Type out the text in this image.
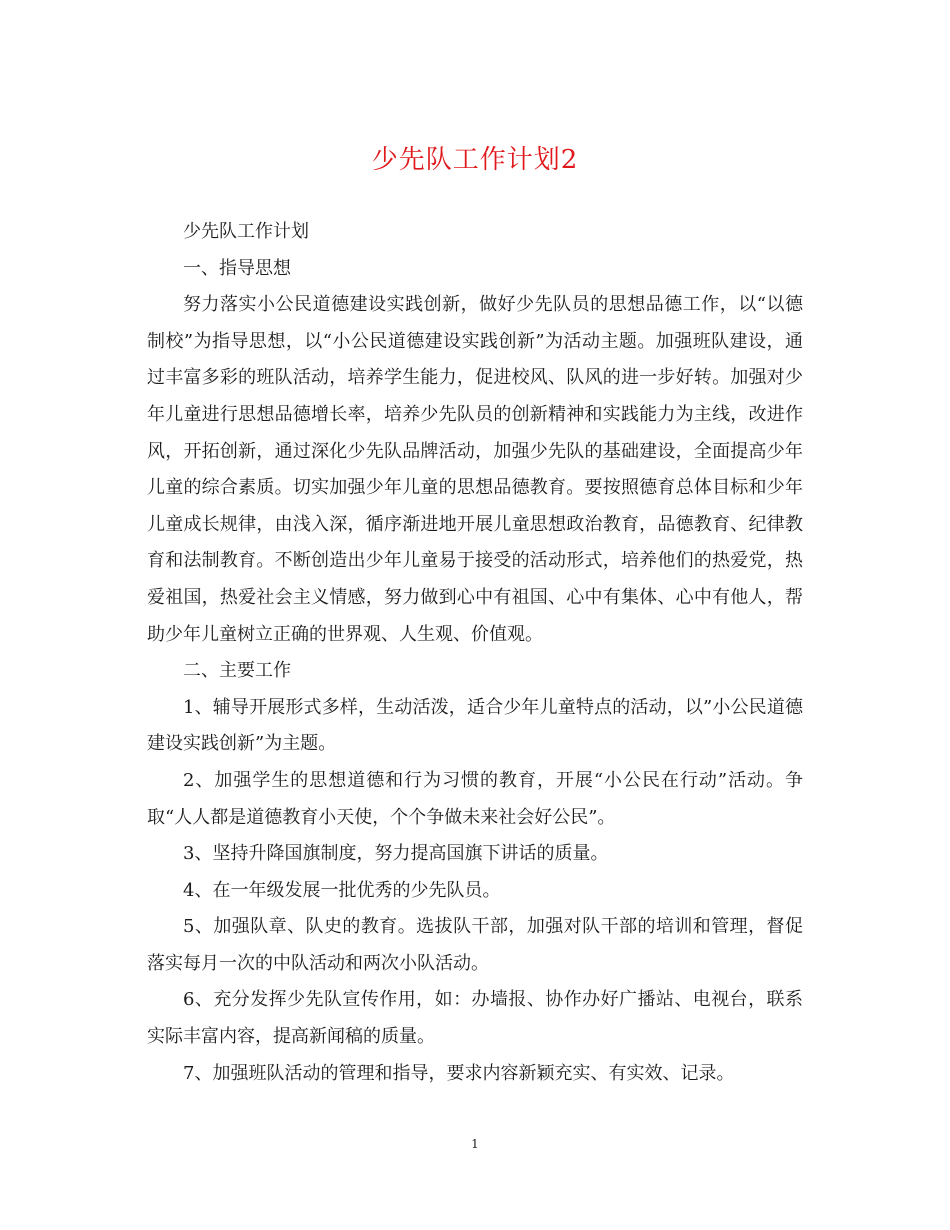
少先队工作计划2

少先队工作计划

一、指导思想

努力落实小公民道德建设实践创新，做好少先队员的思想品德工作，以“以德制校”为指导思想，以“小公民道德建设实践创新”为活动主题。加强班队建设，通过丰富多彩的班队活动，培养学生能力，促进校风、队风的进一步好转。加强对少年儿童进行思想品德增长率，培养少先队员的创新精神和实践能力为主线，改进作风，开拓创新，通过深化少先队品牌活动，加强少先队的基础建设，全面提高少年儿童的综合素质。切实加强少年儿童的思想品德教育。要按照德育总体目标和少年儿童成长规律，由浅入深，循序渐进地开展儿童思想政治教育，品德教育、纪律教育和法制教育。不断创造出少年儿童易于接受的活动形式，培养他们的热爱党，热爱祖国，热爱社会主义情感，努力做到心中有祖国、心中有集体、心中有他人，帮助少年儿童树立正确的世界观、人生观、价值观。

二、主要工作

1、辅导开展形式多样，生动活泼，适合少年儿童特点的活动，以”小公民道德建设实践创新”为主题。

2、加强学生的思想道德和行为习惯的教育，开展“小公民在行动”活动。争取“人人都是道德教育小天使，个个争做未来社会好公民”。

3、坚持升降国旗制度，努力提高国旗下讲话的质量。

4、在一年级发展一批优秀的少先队员。

5、加强队章、队史的教育。选拔队干部，加强对队干部的培训和管理，督促落实每月一次的中队活动和两次小队活动。

6、充分发挥少先队宣传作用，如：办墙报、协作办好广播站、电视台，联系实际丰富内容，提高新闻稿的质量。

7、加强班队活动的管理和指导，要求内容新颖充实、有实效、记录。

1
